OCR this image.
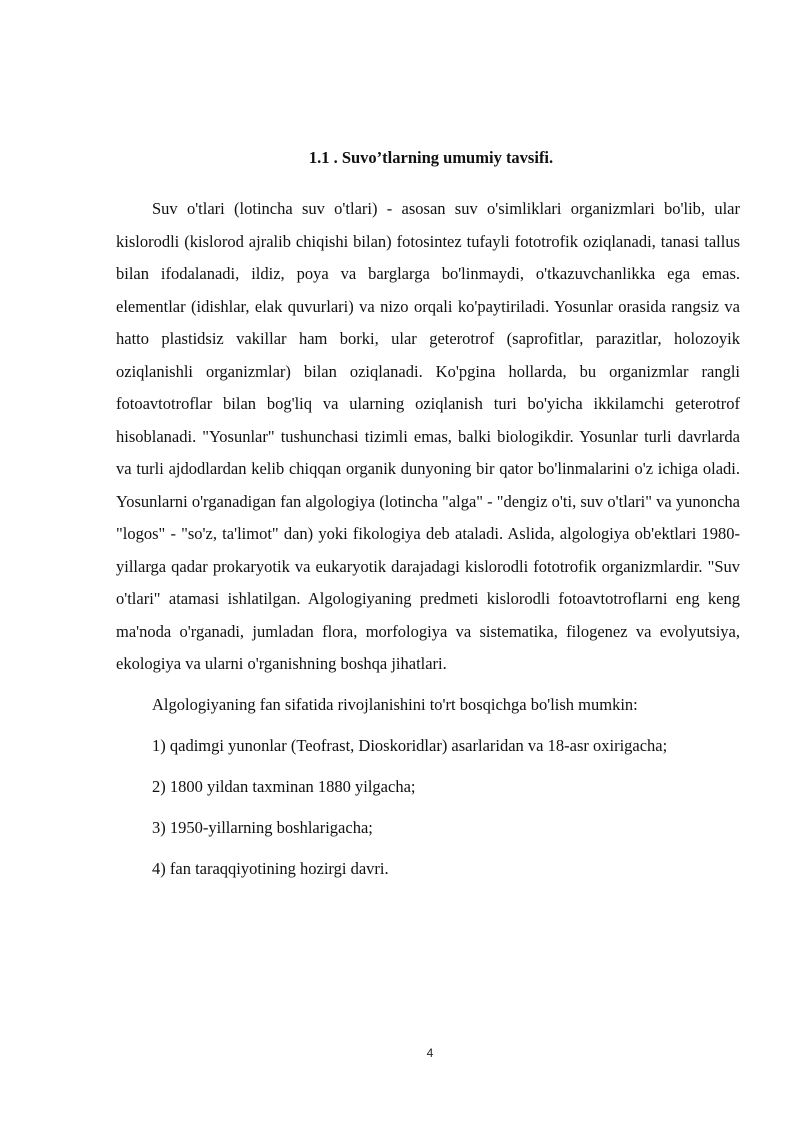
1.1 . Suvo’tlarning umumiy tavsifi.

Suv o'tlari (lotincha suv o'tlari) - asosan suv o'simliklari organizmlari bo'lib, ular kislorodli (kislorod ajralib chiqishi bilan) fotosintez tufayli fototrofik oziqlanadi, tanasi tallus bilan ifodalanadi, ildiz, poya va barglarga bo'linmaydi, o'tkazuvchanlikka ega emas. elementlar (idishlar, elak quvurlari) va nizo orqali ko'paytiriladi. Yosunlar orasida rangsiz va hatto plastidsiz vakillar ham borki, ular geterotrof (saprofitlar, parazitlar, holozoyik oziqlanishli organizmlar) bilan oziqlanadi. Ko'pgina hollarda, bu organizmlar rangli fotoavtotroflar bilan bog'liq va ularning oziqlanish turi bo'yicha ikkilamchi geterotrof hisoblanadi. "Yosunlar" tushunchasi tizimli emas, balki biologikdir. Yosunlar turli davrlarda va turli ajdodlardan kelib chiqqan organik dunyoning bir qator bo'linmalarini o'z ichiga oladi. Yosunlarni o'rganadigan fan algologiya (lotincha "alga" - "dengiz o'ti, suv o'tlari" va yunoncha "logos" - "so'z, ta'limot" dan) yoki fikologiya deb ataladi. Aslida, algologiya ob'ektlari 1980-yillarga qadar prokaryotik va eukaryotik darajadagi kislorodli fototrofik organizmlardir. "Suv o'tlari" atamasi ishlatilgan. Algologiyaning predmeti kislorodli fotoavtotroflarni eng keng ma'noda o'rganadi, jumladan flora, morfologiya va sistematika, filogenez va evolyutsiya, ekologiya va ularni o'rganishning boshqa jihatlari.

Algologiyaning fan sifatida rivojlanishini to'rt bosqichga bo'lish mumkin:

1) qadimgi yunonlar (Teofrast, Dioskoridlar) asarlaridan va 18-asr oxirigacha;

2) 1800 yildan taxminan 1880 yilgacha;

3) 1950-yillarning boshlarigacha;

4) fan taraqqiyotining hozirgi davri.

4
